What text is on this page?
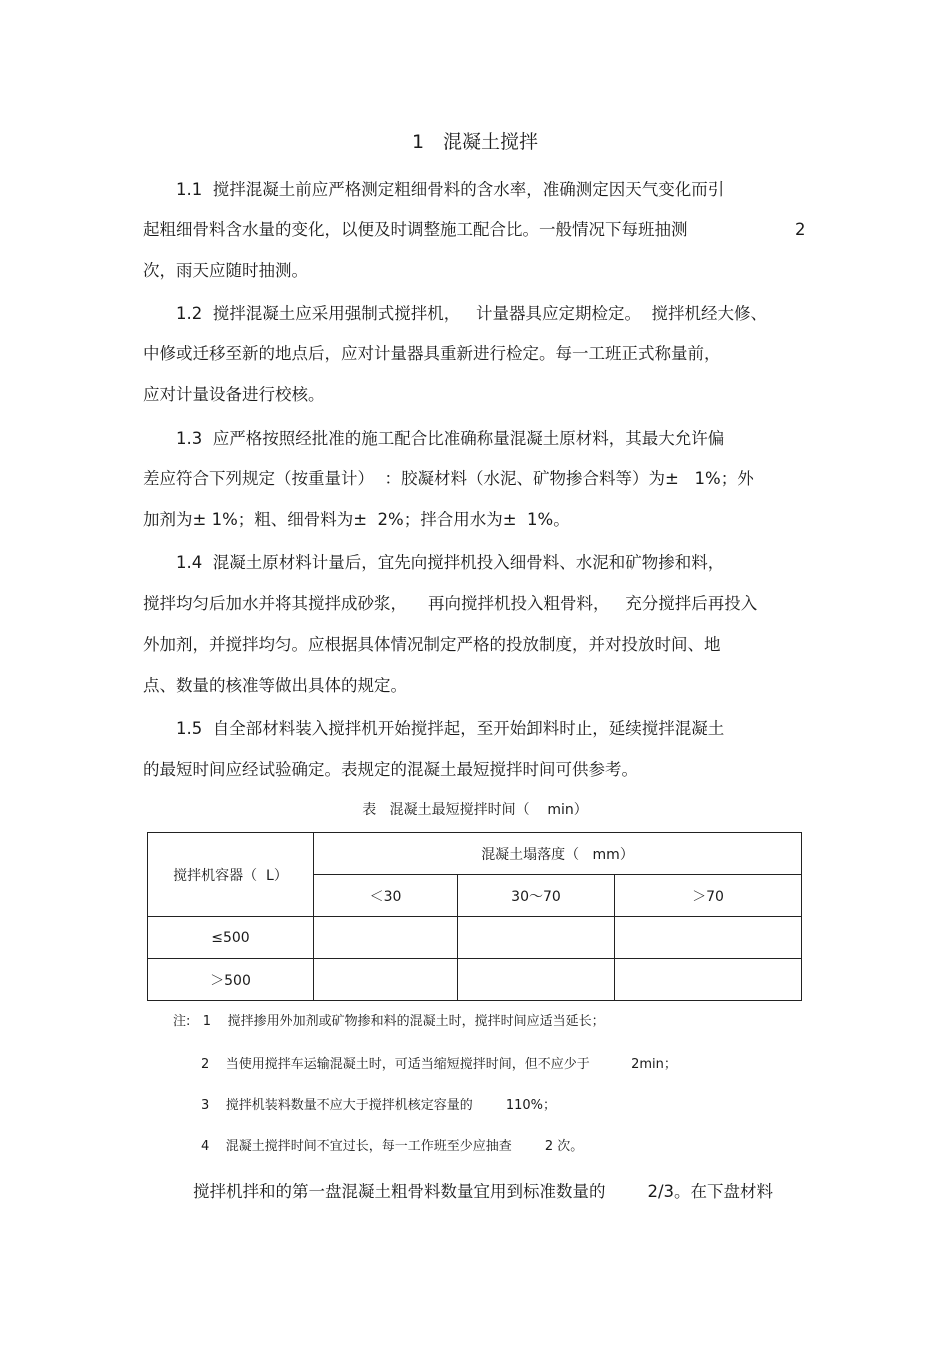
1　混凝土搅拌
1.1  搅拌混凝土前应严格测定粗细骨料的含水率，准确测定因天气变化而引
起粗细骨料含水量的变化，以便及时调整施工配合比。一般情况下每班抽测	2
次，雨天应随时抽测。
1.2  搅拌混凝土应采用强制式搅拌机，   计量器具应定期检定。  搅拌机经大修、
中修或迁移至新的地点后，应对计量器具重新进行检定。每一工班正式称量前，
应对计量设备进行校核。
1.3  应严格按照经批准的施工配合比准确称量混凝土原材料，其最大允许偏
差应符合下列规定（按重量计）  ：胶凝材料（水泥、矿物掺合料等）为±   1%；外
加剂为± 1%；粗、细骨料为±  2%；拌合用水为±  1%。
1.4  混凝土原材料计量后，宜先向搅拌机投入细骨料、水泥和矿物掺和料，
搅拌均匀后加水并将其搅拌成砂浆，    再向搅拌机投入粗骨料，   充分搅拌后再投入
外加剂，并搅拌均匀。应根据具体情况制定严格的投放制度，并对投放时间、地
点、数量的核准等做出具体的规定。
1.5  自全部材料装入搅拌机开始搅拌起，至开始卸料时止，延续搅拌混凝土
的最短时间应经试验确定。表规定的混凝土最短搅拌时间可供参考。
表   混凝土最短搅拌时间（    min）
搅拌机容器（  L）	混凝土塌落度（   mm）		
	＜30	30～70	＞70
≤500			
＞500			
注:   1    搅拌掺用外加剂或矿物掺和料的混凝土时，搅拌时间应适当延长；
2    当使用搅拌车运输混凝土时，可适当缩短搅拌时间，但不应少于          2min；
3    搅拌机装料数量不应大于搅拌机核定容量的        110%；
4    混凝土搅拌时间不宜过长，每一工作班至少应抽查        2 次。
搅拌机拌和的第一盘混凝土粗骨料数量宜用到标准数量的        2/3。在下盘材料
